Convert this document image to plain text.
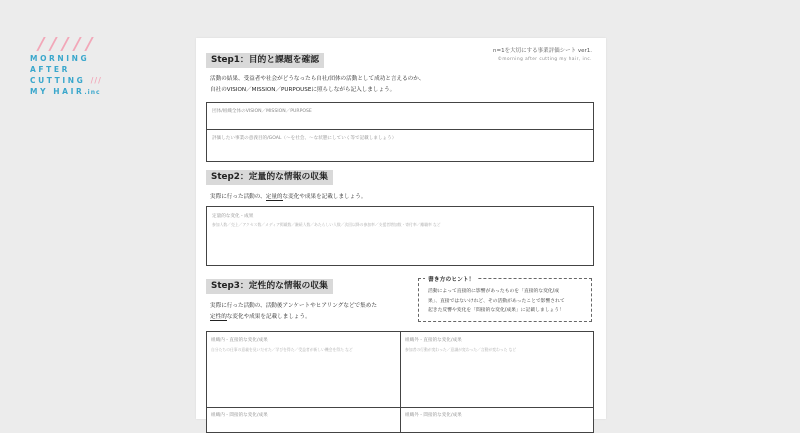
MORNING
AFTER
CUTTING ///
MY HAIR.inc
n=1を大切にする事業評価シート ver1.
©morning after cutting my hair, inc.
Step1：目的と課題を確認
活動の結果、受益者や社会がどうなったら自社/団体の活動として成功と言えるのか、
自社のVISION／MISSION／PURPOUSEに照らしながら記入しましょう。
団体/組織全体のVISION／MISSION／PURPOSE
評価したい事業の意義目的/GOAL（～を社会、～な状態にしていく等で記載しましょう）
Step2：定量的な情報の収集
実際に行った活動の、定量的な変化や成果を記載しましょう。
定量的な変化・成果
参加人数／売上／アクセス数／メディア掲載数／継続人数／あたらしい人数／次回以降の参加率／支援者増加数・寄付率／離職率 など
Step3：定性的な情報の収集
実際に行った活動の、活動後アンケートやヒアリングなどで集めた
定性的な変化や成果を記載しましょう。
書き方のヒント！
活動によって直接的に影響があったものを「直接的な変化/成
果」、直接ではないけれど、その活動があったことで影響されて
起きた反響や変化を「間接的な変化/成果」に記載しましょう！
組織内・直接的な変化/成果
自分たちの仕事の意義を見いだせた／学びを得た／受益者が新しい機会を得た など
組織外・直接的な変化/成果
参加者の行動が変わった／意識が変わった／言動が変わった など
組織内・間接的な変化/成果	組織外・間接的な変化/成果
